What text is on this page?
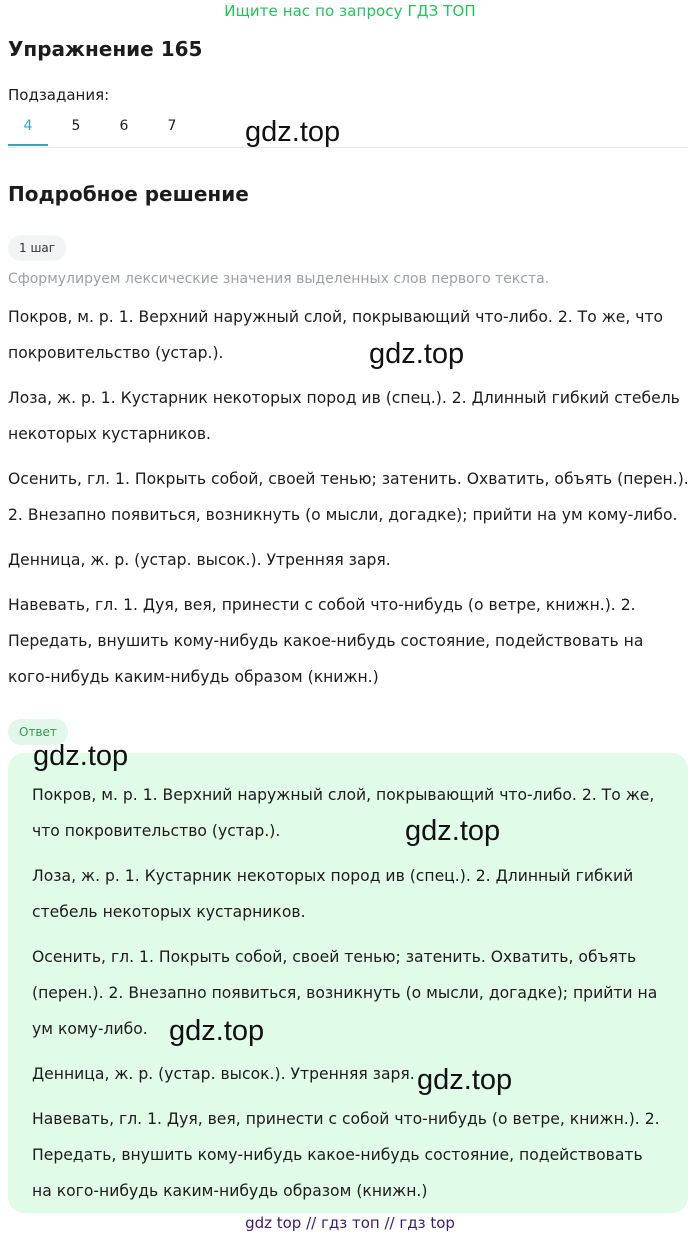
Ищите нас по запросу ГДЗ ТОП
Упражнение 165
Подзадания:
4	5	6	7	gdz.top
Подробное решение
1 шаг
Сформулируем лексические значения выделенных слов первого текста.
Покров, м. р. 1. Верхний наружный слой, покрывающий что-либо. 2. То же, что
покровительство (устар.).
Лоза, ж. р. 1. Кустарник некоторых пород ив (спец.). 2. Длинный гибкий стебель
некоторых кустарников.
Осенить, гл. 1. Покрыть собой, своей тенью; затенить. Охватить, объять (перен.).
2. Внезапно появиться, возникнуть (о мысли, догадке); прийти на ум кому-либо.
Денница, ж. р. (устар. высок.). Утренняя заря.
Навевать, гл. 1. Дуя, вея, принести с собой что-нибудь (о ветре, книжн.). 2.
Передать, внушить кому-нибудь какое-нибудь состояние, подействовать на
кого-нибудь каким-нибудь образом (книжн.)
gdz.top
Ответ
Покров, м. р. 1. Верхний наружный слой, покрывающий что-либо. 2. То же,
что покровительство (устар.).
Лоза, ж. р. 1. Кустарник некоторых пород ив (спец.). 2. Длинный гибкий
стебель некоторых кустарников.
Осенить, гл. 1. Покрыть собой, своей тенью; затенить. Охватить, объять
(перен.). 2. Внезапно появиться, возникнуть (о мысли, догадке); прийти на
ум кому-либо.
Денница, ж. р. (устар. высок.). Утренняя заря.
Навевать, гл. 1. Дуя, вея, принести с собой что-нибудь (о ветре, книжн.). 2.
Передать, внушить кому-нибудь какое-нибудь состояние, подействовать
на кого-нибудь каким-нибудь образом (книжн.)
gdz.top
gdz.top
gdz.top
gdz.top
gdz top // гдз топ // гдз top
